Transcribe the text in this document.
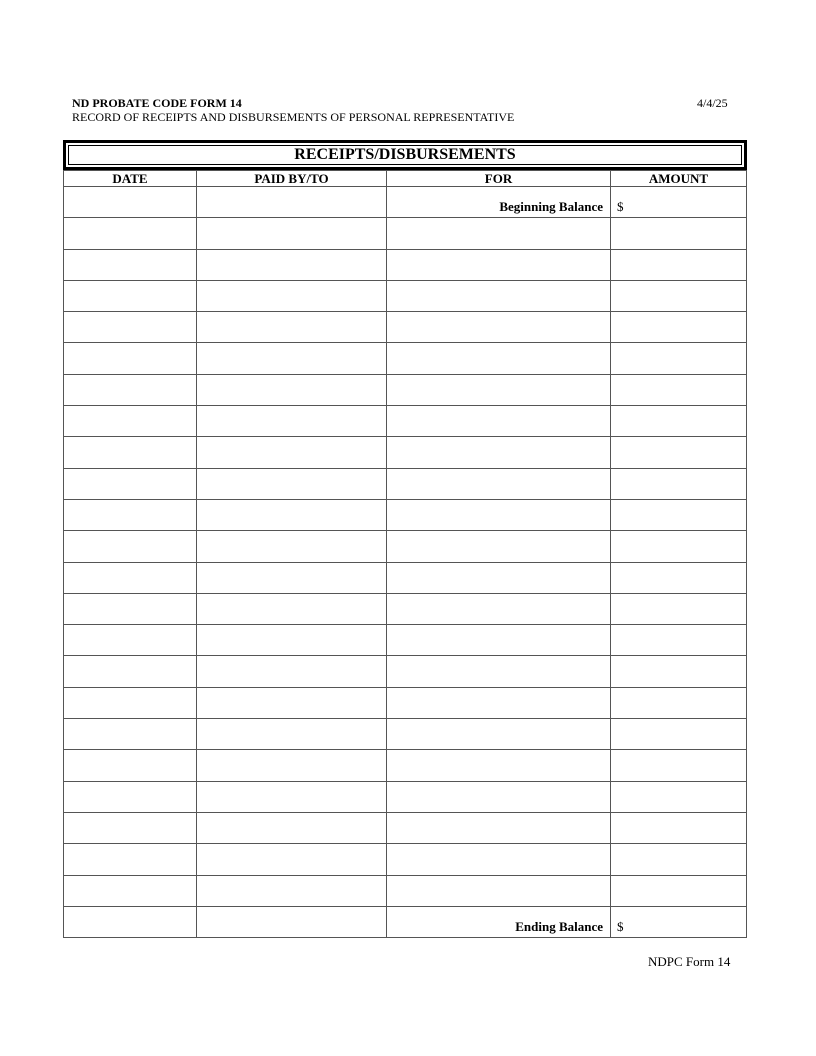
ND PROBATE CODE FORM 14
RECORD OF RECEIPTS AND DISBURSEMENTS OF PERSONAL REPRESENTATIVE
4/4/25
RECEIPTS/DISBURSEMENTS
DATE	PAID BY/TO	FOR	AMOUNT
		Beginning Balance	$

		Ending Balance	$
NDPC Form 14
